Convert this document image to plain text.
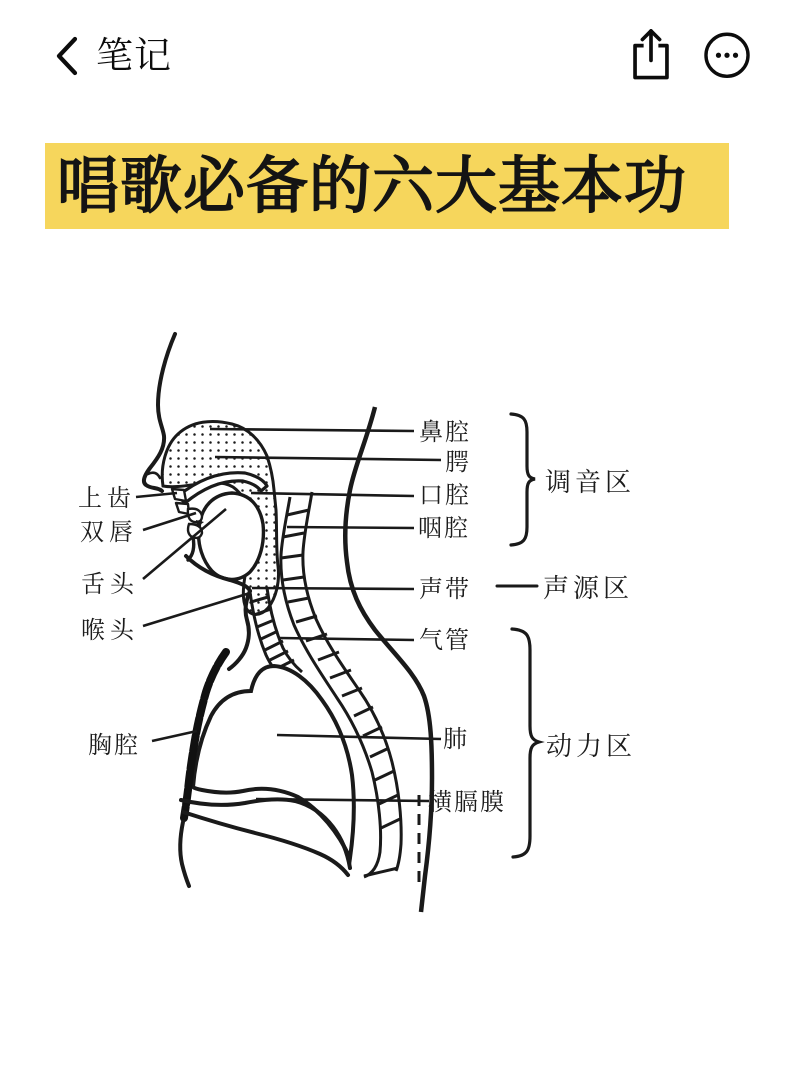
笔记
唱歌必备的六大基本功
上齿
双唇
舌头
喉头
胸腔
鼻腔
腭
口腔
咽腔
声带
气管
肺
横膈膜
调音区
声源区
动力区
